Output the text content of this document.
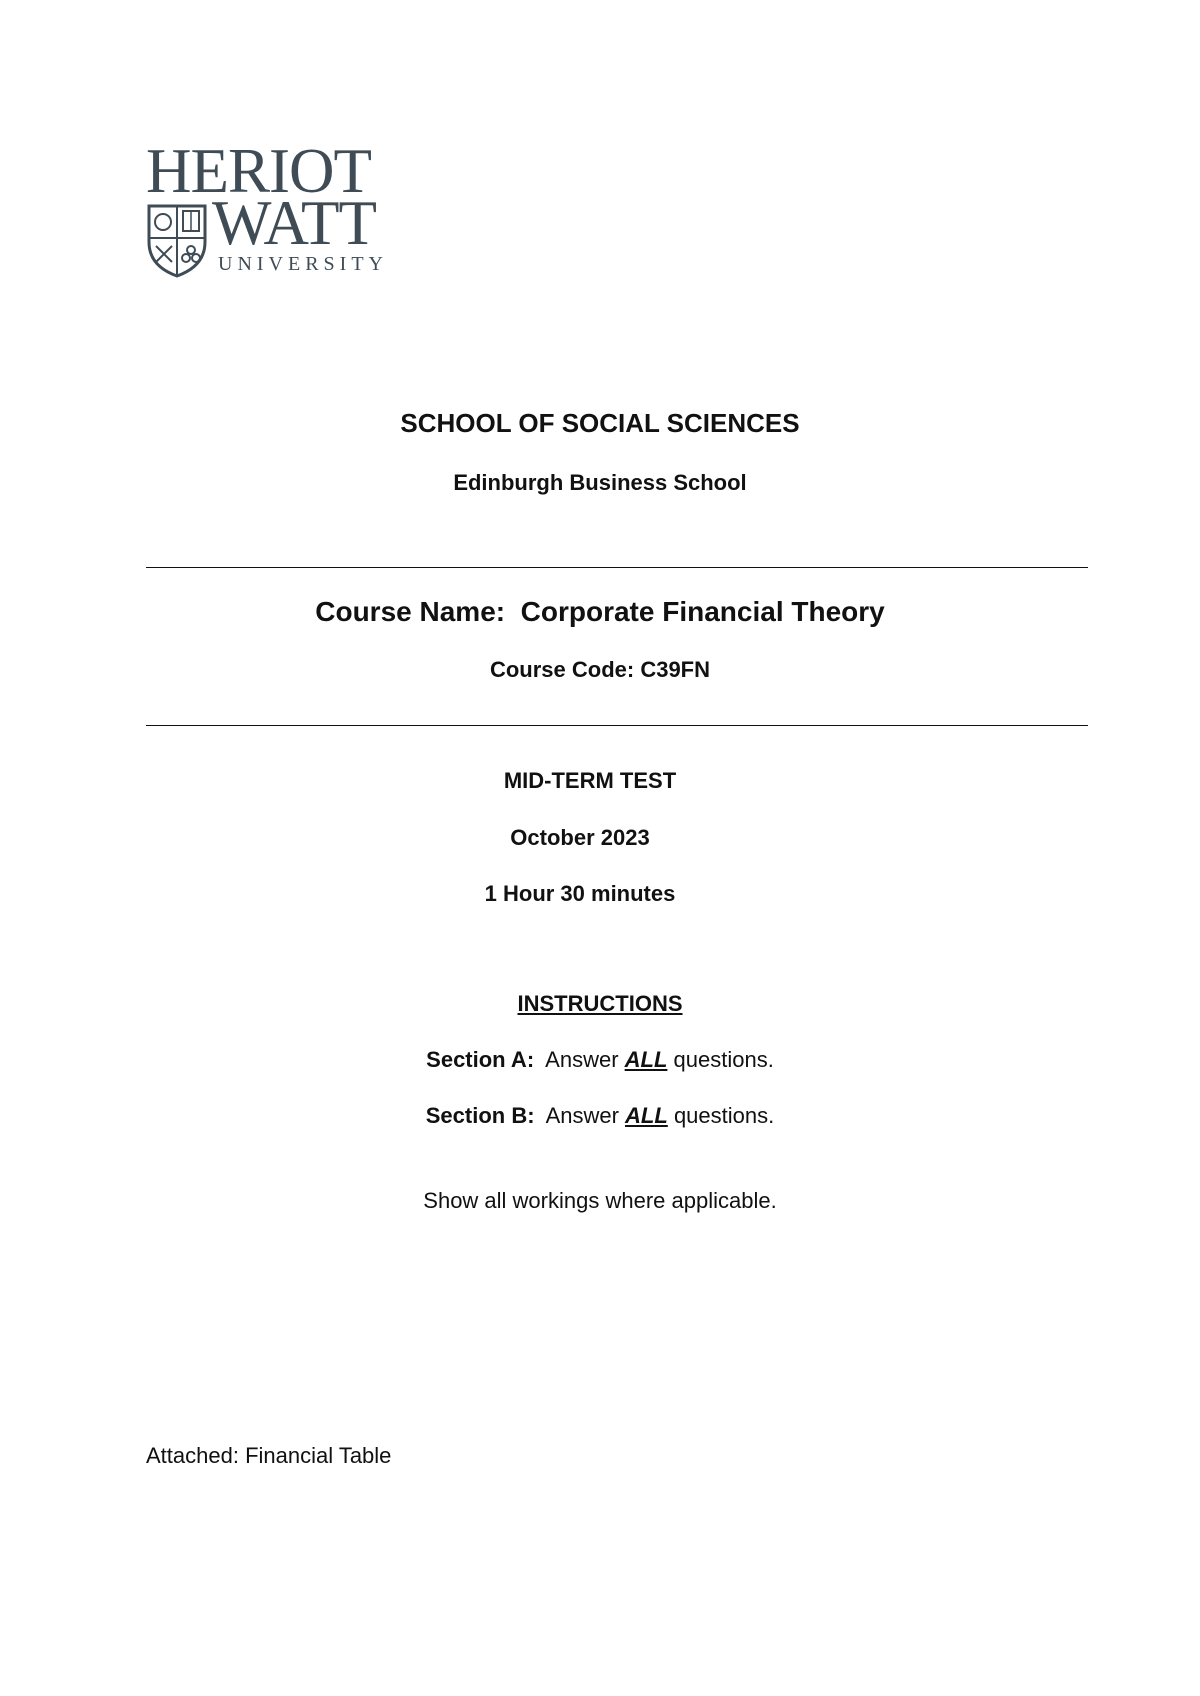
HERIOT
WATT
UNIVERSITY
SCHOOL OF SOCIAL SCIENCES
Edinburgh Business School
Course Name: Corporate Financial Theory
Course Code: C39FN
MID-TERM TEST
October 2023
1 Hour 30 minutes
INSTRUCTIONS
Section A: Answer ALL questions.
Section B: Answer ALL questions.
Show all workings where applicable.
Attached: Financial Table
